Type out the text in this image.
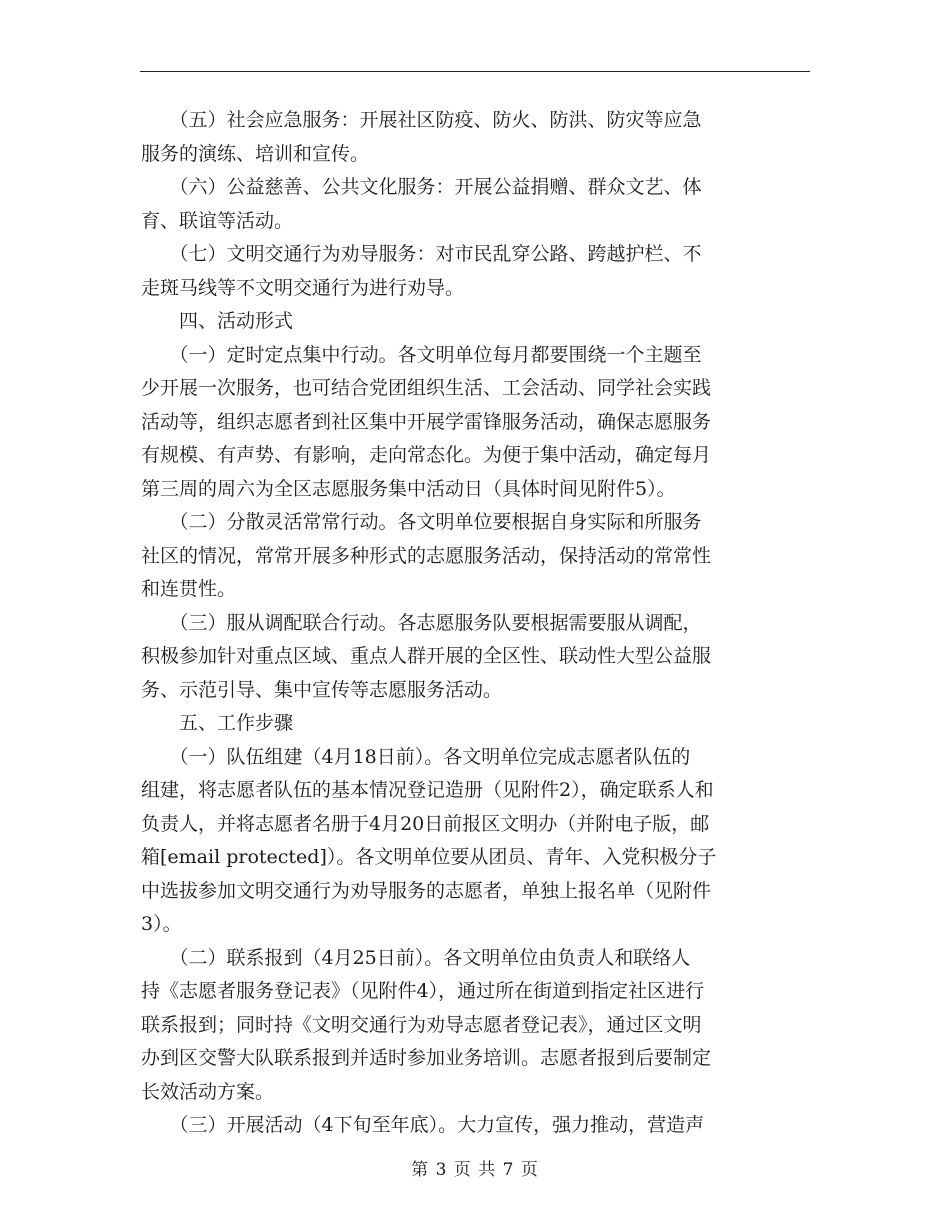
　　（五）社会应急服务：开展社区防疫、防火、防洪、防灾等应急
服务的演练、培训和宣传。
　　（六）公益慈善、公共文化服务：开展公益捐赠、群众文艺、体
育、联谊等活动。
　　（七）文明交通行为劝导服务：对市民乱穿公路、跨越护栏、不
走斑马线等不文明交通行为进行劝导。
　　四、活动形式
　　（一）定时定点集中行动。各文明单位每月都要围绕一个主题至
少开展一次服务，也可结合党团组织生活、工会活动、同学社会实践
活动等，组织志愿者到社区集中开展学雷锋服务活动，确保志愿服务
有规模、有声势、有影响，走向常态化。为便于集中活动，确定每月
第三周的周六为全区志愿服务集中活动日（具体时间见附件5）。
　　（二）分散灵活常常行动。各文明单位要根据自身实际和所服务
社区的情况，常常开展多种形式的志愿服务活动，保持活动的常常性
和连贯性。
　　（三）服从调配联合行动。各志愿服务队要根据需要服从调配，
积极参加针对重点区域、重点人群开展的全区性、联动性大型公益服
务、示范引导、集中宣传等志愿服务活动。
　　五、工作步骤
　　（一）队伍组建（4月18日前）。各文明单位完成志愿者队伍的
组建，将志愿者队伍的基本情况登记造册（见附件2），确定联系人和
负责人，并将志愿者名册于4月20日前报区文明办（并附电子版，邮
箱[email protected]）。各文明单位要从团员、青年、入党积极分子
中选拔参加文明交通行为劝导服务的志愿者，单独上报名单（见附件
3）。
　　（二）联系报到（4月25日前）。各文明单位由负责人和联络人
持《志愿者服务登记表》（见附件4），通过所在街道到指定社区进行
联系报到；同时持《文明交通行为劝导志愿者登记表》，通过区文明
办到区交警大队联系报到并适时参加业务培训。志愿者报到后要制定
长效活动方案。
　　（三）开展活动（4下旬至年底）。大力宣传，强力推动，营造声
第 3 页 共 7 页
